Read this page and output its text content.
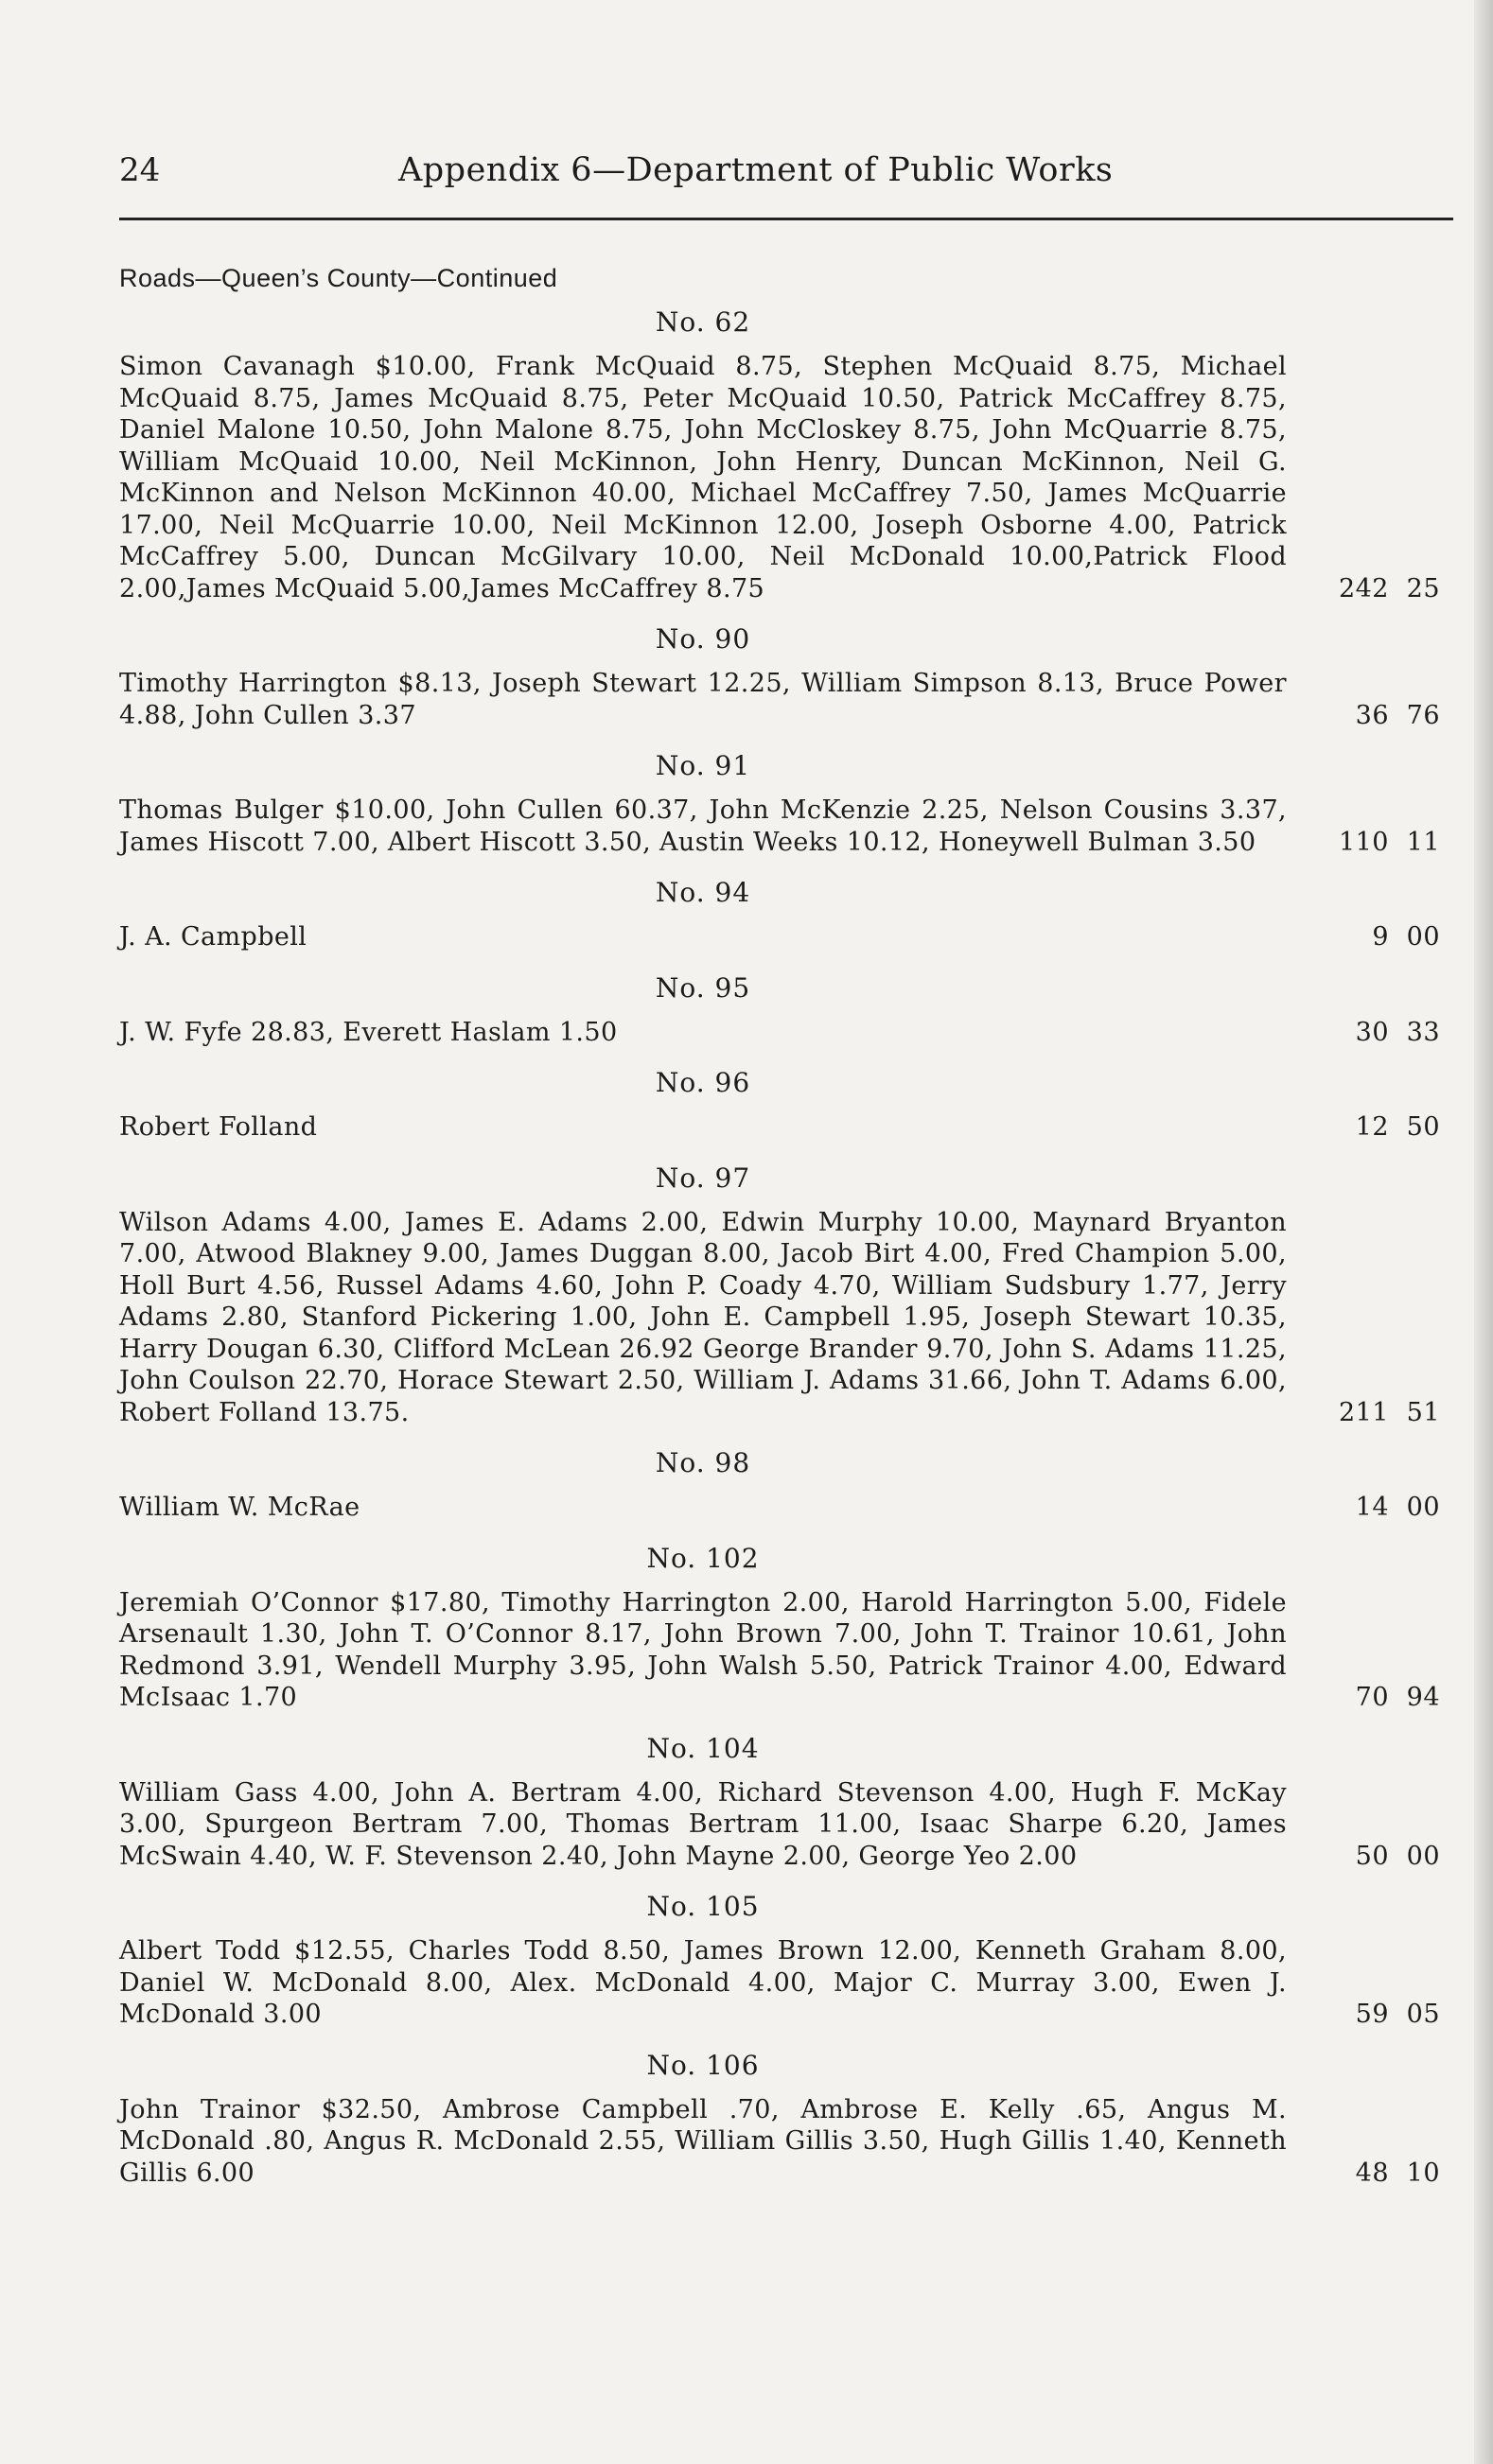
24	Appendix 6—Department of Public Works
Roads—Queen’s County—Continued
No. 62
Simon Cavanagh $10.00, Frank McQuaid 8.75, Stephen McQuaid 8.75, Michael McQuaid 8.75, James McQuaid 8.75, Peter McQuaid 10.50, Patrick McCaffrey 8.75, Daniel Malone 10.50, John Malone 8.75, John McCloskey 8.75, John McQuarrie 8.75, William McQuaid 10.00, Neil McKinnon, John Henry, Duncan McKinnon, Neil G. McKinnon and Nelson McKinnon 40.00, Michael McCaffrey 7.50, James McQuarrie 17.00, Neil McQuarrie 10.00, Neil McKinnon 12.00, Joseph Osborne 4.00, Patrick McCaffrey 5.00, Duncan McGilvary 10.00, Neil McDonald 10.00,Patrick Flood 2.00,James McQuaid 5.00,James McCaffrey 8.75	242 25
No. 90
Timothy Harrington $8.13, Joseph Stewart 12.25, William Simpson 8.13, Bruce Power 4.88, John Cullen 3.37	36 76
No. 91
Thomas Bulger $10.00, John Cullen 60.37, John McKenzie 2.25, Nelson Cousins 3.37, James Hiscott 7.00, Albert Hiscott 3.50, Austin Weeks 10.12, Honeywell Bulman 3.50	110 11
No. 94
J. A. Campbell	9 00
No. 95
J. W. Fyfe 28.83, Everett Haslam 1.50	30 33
No. 96
Robert Folland	12 50
No. 97
Wilson Adams 4.00, James E. Adams 2.00, Edwin Murphy 10.00, Maynard Bryanton 7.00, Atwood Blakney 9.00, James Duggan 8.00, Jacob Birt 4.00, Fred Champion 5.00, Holl Burt 4.56, Russel Adams 4.60, John P. Coady 4.70, William Sudsbury 1.77, Jerry Adams 2.80, Stanford Pickering 1.00, John E. Campbell 1.95, Joseph Stewart 10.35, Harry Dougan 6.30, Clifford McLean 26.92 George Brander 9.70, John S. Adams 11.25, John Coulson 22.70, Horace Stewart 2.50, William J. Adams 31.66, John T. Adams 6.00, Robert Folland 13.75.	211 51
No. 98
William W. McRae	14 00
No. 102
Jeremiah O’Connor $17.80, Timothy Harrington 2.00, Harold Harrington 5.00, Fidele Arsenault 1.30, John T. O’Connor 8.17, John Brown 7.00, John T. Trainor 10.61, John Redmond 3.91, Wendell Murphy 3.95, John Walsh 5.50, Patrick Trainor 4.00, Edward McIsaac 1.70	70 94
No. 104
William Gass 4.00, John A. Bertram 4.00, Richard Stevenson 4.00, Hugh F. McKay 3.00, Spurgeon Bertram 7.00, Thomas Bertram 11.00, Isaac Sharpe 6.20, James McSwain 4.40, W. F. Stevenson 2.40, John Mayne 2.00, George Yeo 2.00	50 00
No. 105
Albert Todd $12.55, Charles Todd 8.50, James Brown 12.00, Kenneth Graham 8.00, Daniel W. McDonald 8.00, Alex. McDonald 4.00, Major C. Murray 3.00, Ewen J. McDonald 3.00	59 05
No. 106
John Trainor $32.50, Ambrose Campbell .70, Ambrose E. Kelly .65, Angus M. McDonald .80, Angus R. McDonald 2.55, William Gillis 3.50, Hugh Gillis 1.40, Kenneth Gillis 6.00	48 10
